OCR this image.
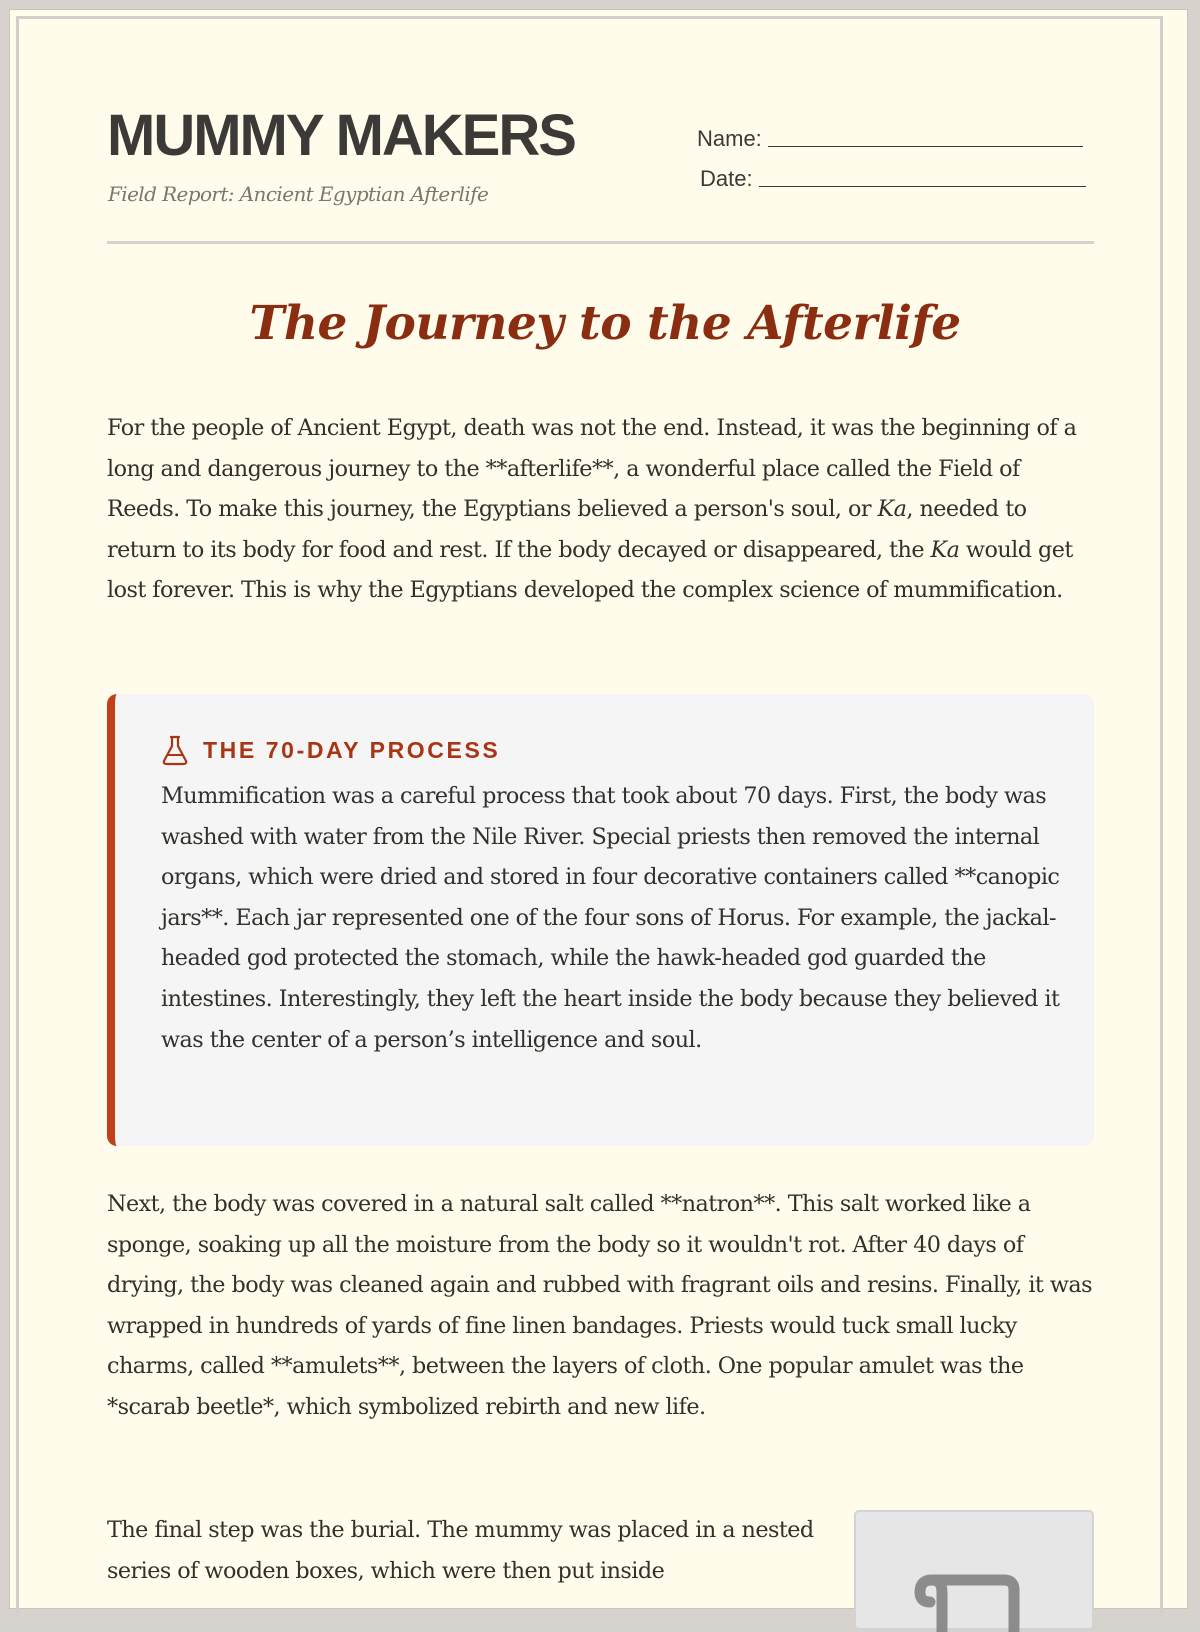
MUMMY MAKERS
Field Report: Ancient Egyptian Afterlife
Name:
Date:
The Journey to the Afterlife

For the people of Ancient Egypt, death was not the end. Instead, it was the beginning of a long and dangerous journey to the **afterlife**, a wonderful place called the Field of Reeds. To make this journey, the Egyptians believed a person's soul, or Ka, needed to return to its body for food and rest. If the body decayed or disappeared, the Ka would get lost forever. This is why the Egyptians developed the complex science of mummification.

THE 70-DAY PROCESS

Mummification was a careful process that took about 70 days. First, the body was washed with water from the Nile River. Special priests then removed the internal organs, which were dried and stored in four decorative containers called **canopic jars**. Each jar represented one of the four sons of Horus. For example, the jackal-headed god protected the stomach, while the hawk-headed god guarded the intestines. Interestingly, they left the heart inside the body because they believed it was the center of a person’s intelligence and soul.

Next, the body was covered in a natural salt called **natron**. This salt worked like a sponge, soaking up all the moisture from the body so it wouldn't rot. After 40 days of drying, the body was cleaned again and rubbed with fragrant oils and resins. Finally, it was wrapped in hundreds of yards of fine linen bandages. Priests would tuck small lucky charms, called **amulets**, between the layers of cloth. One popular amulet was the *scarab beetle*, which symbolized rebirth and new life.

The final step was the burial. The mummy was placed in a nested series of wooden boxes, which were then put inside
